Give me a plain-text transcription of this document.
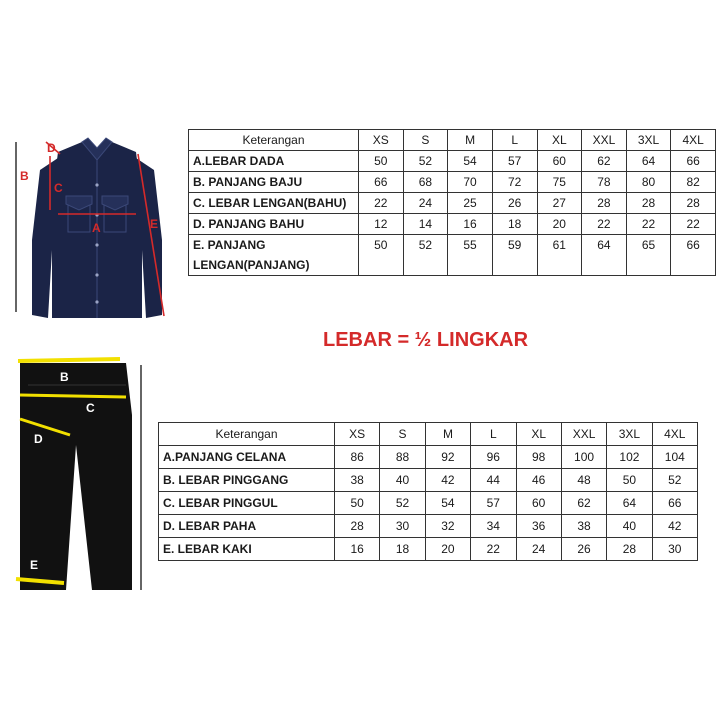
B
A
C
D
E
Keterangan	XS	S	M	L	XL	XXL	3XL	4XL
A.LEBAR DADA	50	52	54	57	60	62	64	66
B. PANJANG BAJU	66	68	70	72	75	78	80	82
C. LEBAR LENGAN(BAHU)	22	24	25	26	27	28	28	28
D. PANJANG BAHU	12	14	16	18	20	22	22	22
E. PANJANG
LENGAN(PANJANG)	50	52	55	59	61	64	65	66
LEBAR = ½ LINGKAR
B
C
D
E
Keterangan	XS	S	M	L	XL	XXL	3XL	4XL
A.PANJANG CELANA	86	88	92	96	98	100	102	104
B. LEBAR PINGGANG	38	40	42	44	46	48	50	52
C. LEBAR PINGGUL	50	52	54	57	60	62	64	66
D. LEBAR PAHA	28	30	32	34	36	38	40	42
E. LEBAR KAKI	16	18	20	22	24	26	28	30
